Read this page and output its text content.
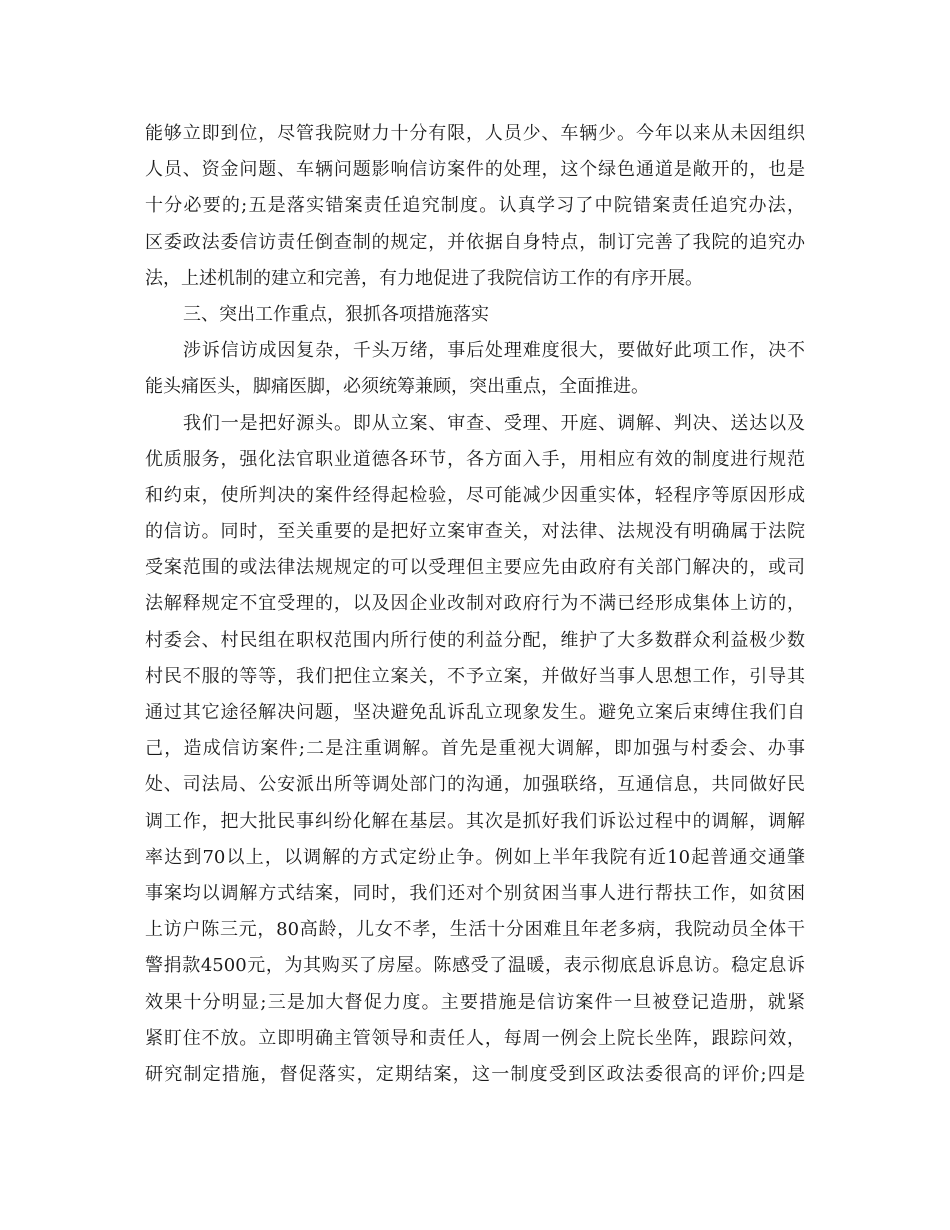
能够立即到位，尽管我院财力十分有限，人员少、车辆少。今年以来从未因组织
人员、资金问题、车辆问题影响信访案件的处理，这个绿色通道是敞开的，也是
十分必要的;五是落实错案责任追究制度。认真学习了中院错案责任追究办法，
区委政法委信访责任倒查制的规定，并依据自身特点，制订完善了我院的追究办
法，上述机制的建立和完善，有力地促进了我院信访工作的有序开展。
三、突出工作重点，狠抓各项措施落实
涉诉信访成因复杂，千头万绪，事后处理难度很大，要做好此项工作，决不
能头痛医头，脚痛医脚，必须统筹兼顾，突出重点，全面推进。
我们一是把好源头。即从立案、审查、受理、开庭、调解、判决、送达以及
优质服务，强化法官职业道德各环节，各方面入手，用相应有效的制度进行规范
和约束，使所判决的案件经得起检验，尽可能减少因重实体，轻程序等原因形成
的信访。同时，至关重要的是把好立案审查关，对法律、法规没有明确属于法院
受案范围的或法律法规规定的可以受理但主要应先由政府有关部门解决的，或司
法解释规定不宜受理的，以及因企业改制对政府行为不满已经形成集体上访的，
村委会、村民组在职权范围内所行使的利益分配，维护了大多数群众利益极少数
村民不服的等等，我们把住立案关，不予立案，并做好当事人思想工作，引导其
通过其它途径解决问题，坚决避免乱诉乱立现象发生。避免立案后束缚住我们自
己，造成信访案件;二是注重调解。首先是重视大调解，即加强与村委会、办事
处、司法局、公安派出所等调处部门的沟通，加强联络，互通信息，共同做好民
调工作，把大批民事纠纷化解在基层。其次是抓好我们诉讼过程中的调解，调解
率达到70以上，以调解的方式定纷止争。例如上半年我院有近10起普通交通肇
事案均以调解方式结案，同时，我们还对个别贫困当事人进行帮扶工作，如贫困
上访户陈三元，80高龄，儿女不孝，生活十分困难且年老多病，我院动员全体干
警捐款4500元，为其购买了房屋。陈感受了温暖，表示彻底息诉息访。稳定息诉
效果十分明显;三是加大督促力度。主要措施是信访案件一旦被登记造册，就紧
紧盯住不放。立即明确主管领导和责任人，每周一例会上院长坐阵，跟踪问效，
研究制定措施，督促落实，定期结案，这一制度受到区政法委很高的评价;四是
